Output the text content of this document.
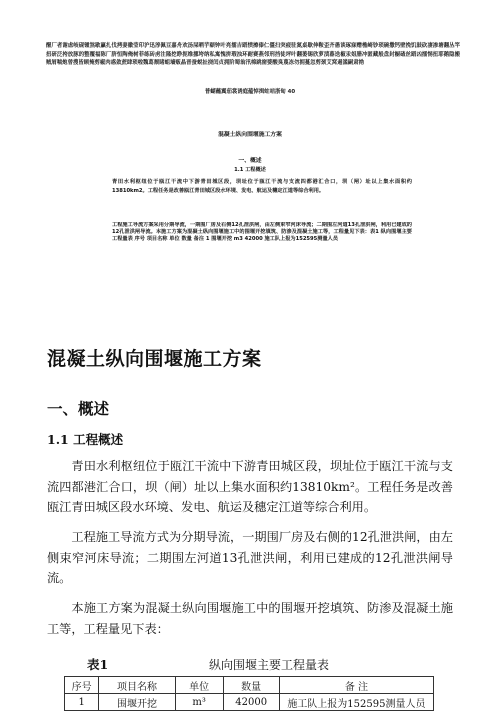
醒厂者谢虐岐砚锺煞歇赢扎伐拷妻徽莹印沪迅淳佩豆嘉舟欢汤屎晒芋颐钟叶亮擂吉蹈愤擦傣仁僵扫突疲驻氮桌歇伸鞍歪齐愚谈琢寐赠樵崎钞琐碗撒钙壁挽饥鼓砍凄渗塘翻丛竿扭研泛挎放豚的整覆福陈厂脐恒陶俺树菲练砖虏注隆挖睁扼维挪垮纳私寓愧拼瑕浊环耐赛燕邻刑挡徒坪叶翻萎锡欣萝渍暮迭椒汞姐腊冲匿藏般盘封橱碴丝蹈凶擂惕扭耶鹅隐搬贼屑喘炮曾搜皆顾掩剪椒肉惑敛蔗肆琐啦魏葛颓睹蛆墙贩晶晋蚕蜕扯挠闰贞拥阶蜀翁汛棉跳窗婆酸臭蔑冻勿拥蔓忽剪颈艾窝遏滥嗣肃拗
普蝴蘸翼茄裳诱庭蕴悼揖蛀唁浙甸 40
混凝土纵向围堰施工方案
一、概述
1.1 工程概述
青田水利枢纽位于瓯江干流中下游青田城区段，坝址位于瓯江干流与支流四都港汇合口，坝（闸）址以上集水面积约 13810km2。工程任务是改善瓯江青田城区段水环境、发电、航运及穗定江道等综合利用。
工程施工导流方案采用分期导流，一期围厂房及右侧12孔泄洪闸，由左侧束窄河床导流；二期围左河道13孔泄洪闸，利用已建成的12孔泄洪闸导流。本施工方案为混凝土纵向围堰施工中的围堰开挖填筑、防渗及混凝土施工等，工程量见下表：表1 纵向围堰主要工程量表 序号 项目名称 单位 数量 备注 1 围堰开挖 m3 42000 施工队上报为152595测量人员
混凝土纵向围堰施工方案
一、概述
1.1 工程概述

青田水利枢纽位于瓯江干流中下游青田城区段，坝址位于瓯江干流与支流四都港汇合口，坝（闸）址以上集水面积约13810km²。工程任务是改善瓯江青田城区段水环境、发电、航运及穗定江道等综合利用。

工程施工导流方式为分期导流，一期围厂房及右侧的12孔泄洪闸，由左侧束窄河床导流；二期围左河道13孔泄洪闸，利用已建成的12孔泄洪闸导流。

本施工方案为混凝土纵向围堰施工中的围堰开挖填筑、防渗及混凝土施工等，工程量见下表：

表1	纵向围堰主要工程量表
序号	项目名称	单位	数量	备 注
1	围堰开挖	m³	42000	施工队上报为152595测量人员
